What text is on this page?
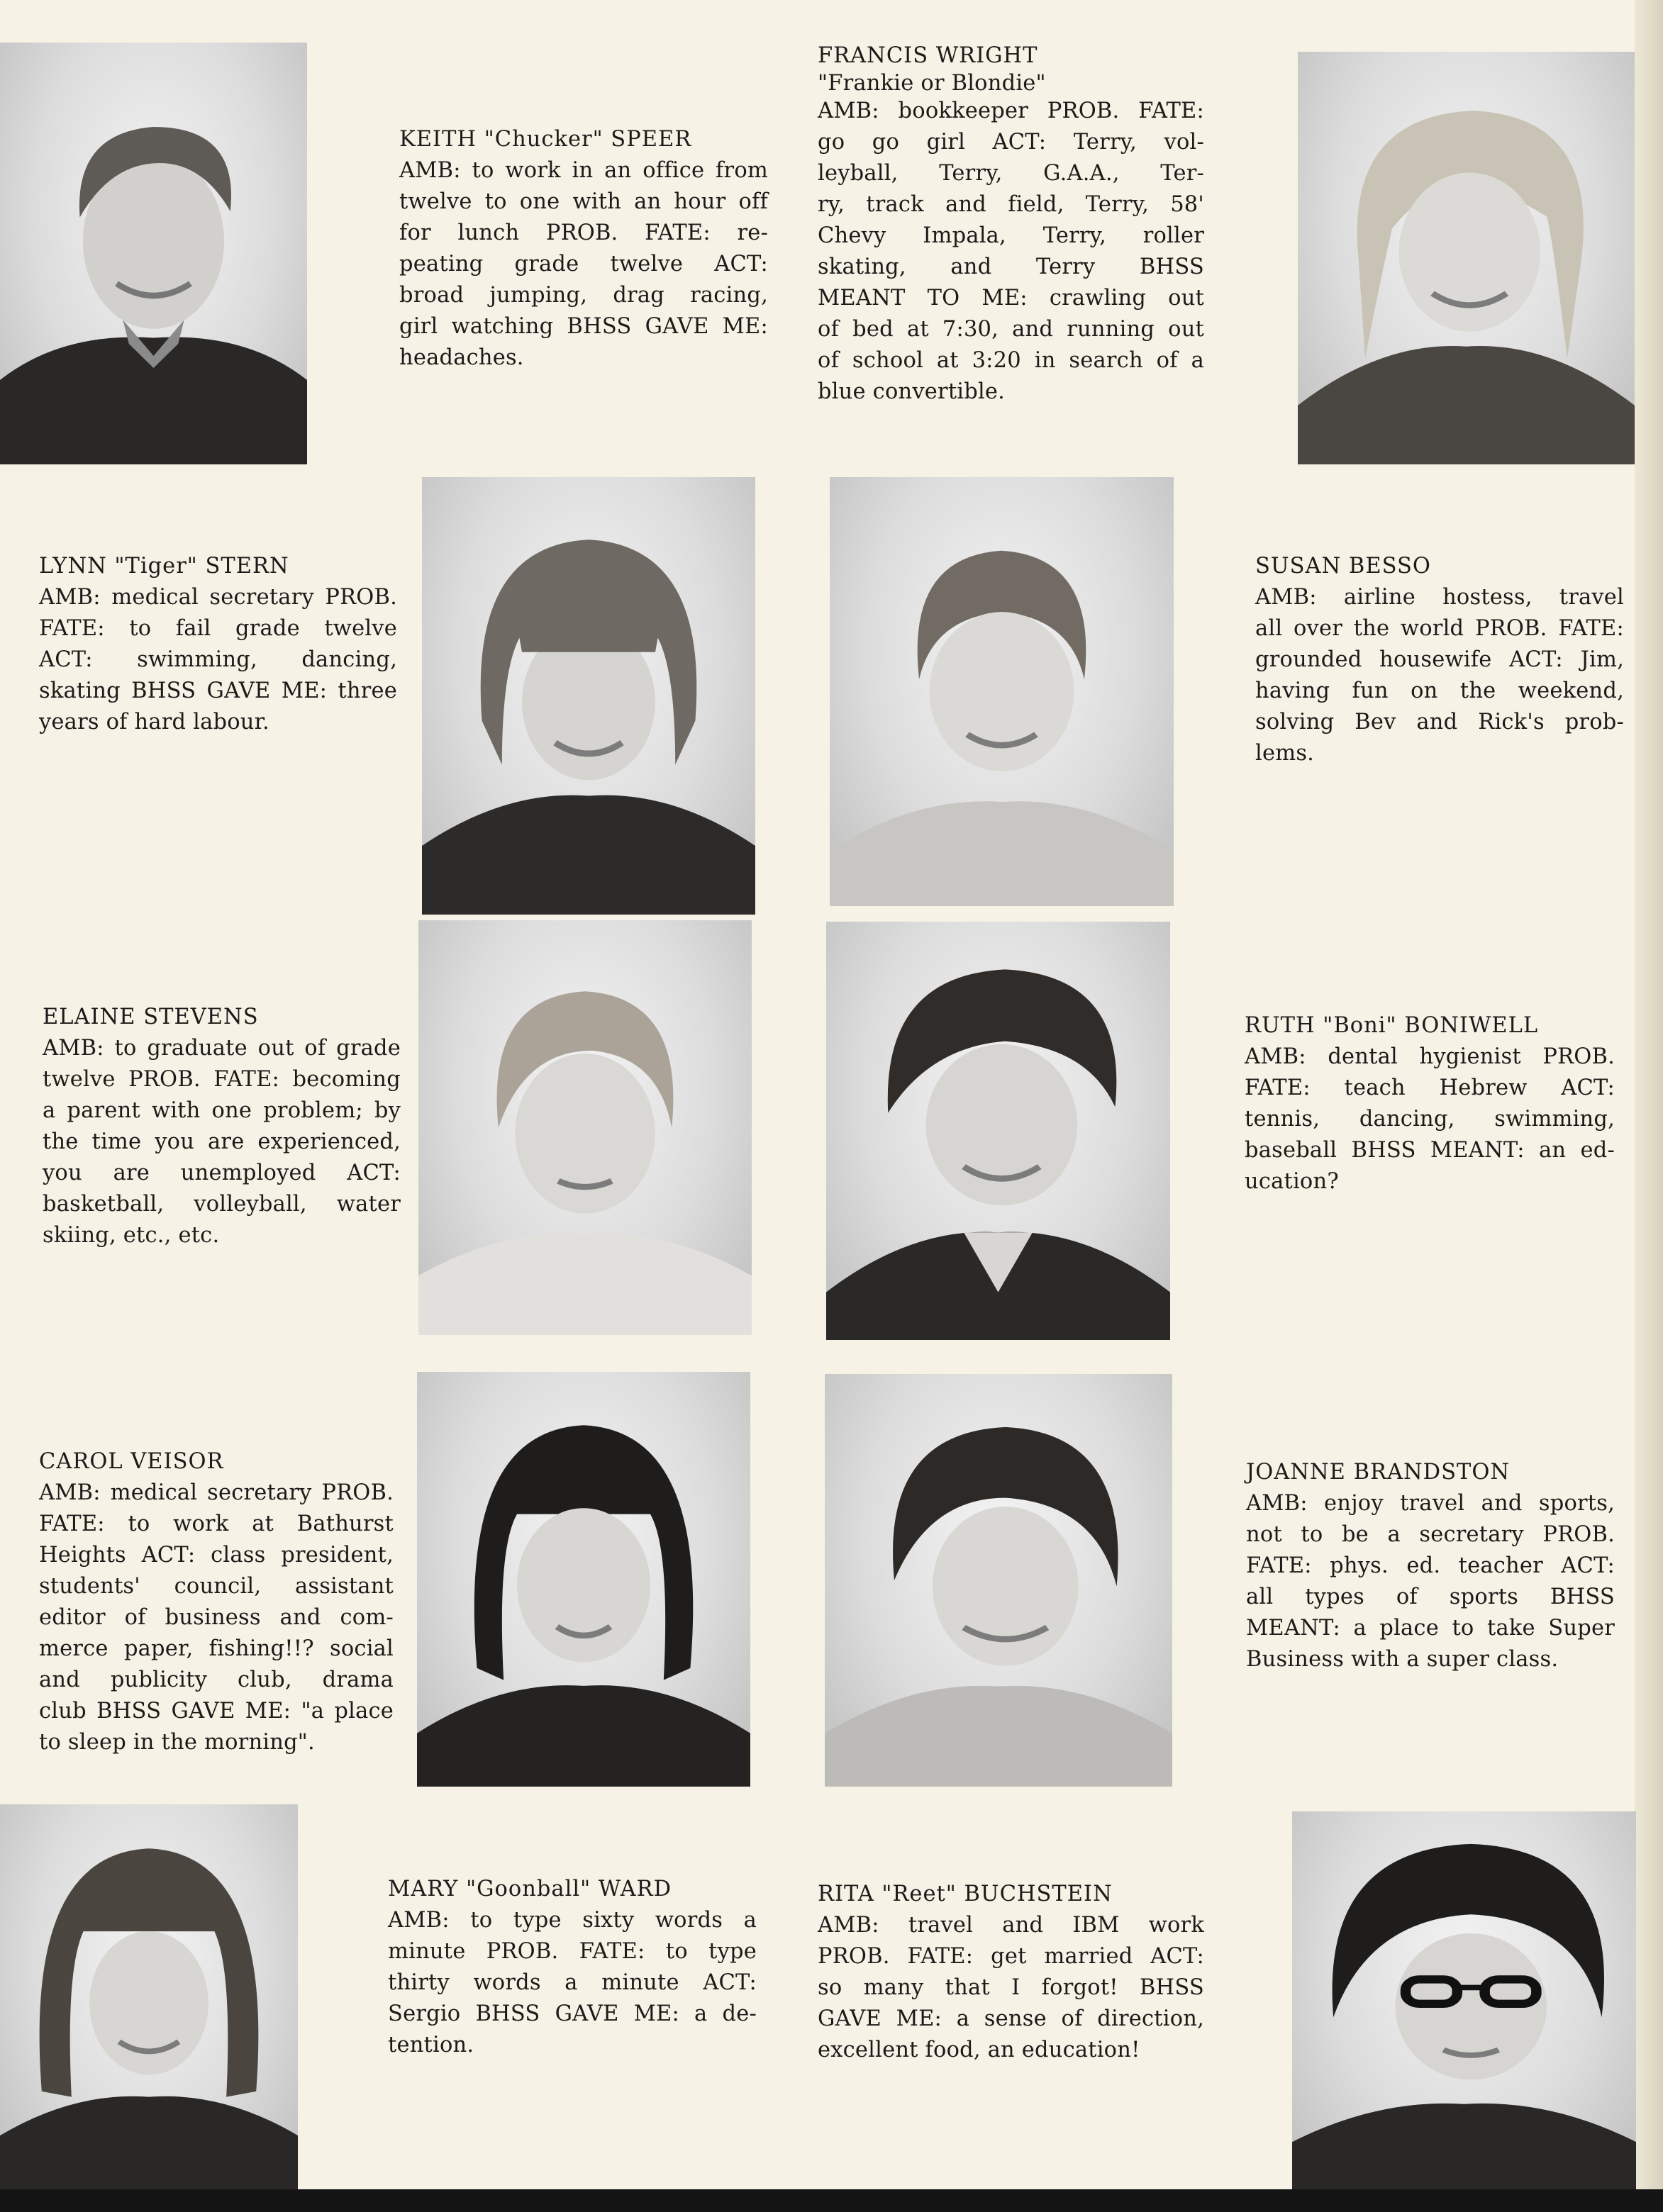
KEITH "Chucker" SPEER
AMB: to work in an office from
twelve to one with an hour off
for lunch PROB. FATE: re-
peating grade twelve ACT:
broad jumping, drag racing,
girl watching BHSS GAVE ME:
headaches.
FRANCIS WRIGHT
"Frankie or Blondie"
AMB: bookkeeper PROB. FATE:
go go girl ACT: Terry, vol-
leyball, Terry, G.A.A., Ter-
ry, track and field, Terry, 58'
Chevy Impala, Terry, roller
skating, and Terry BHSS
MEANT TO ME: crawling out
of bed at 7:30, and running out
of school at 3:20 in search of a
blue convertible.
LYNN "Tiger" STERN
AMB: medical secretary PROB.
FATE: to fail grade twelve
ACT: swimming, dancing,
skating BHSS GAVE ME: three
years of hard labour.
SUSAN BESSO
AMB: airline hostess, travel
all over the world PROB. FATE:
grounded housewife ACT: Jim,
having fun on the weekend,
solving Bev and Rick's prob-
lems.
ELAINE STEVENS
AMB: to graduate out of grade
twelve PROB. FATE: becoming
a parent with one problem; by
the time you are experienced,
you are unemployed ACT:
basketball, volleyball, water
skiing, etc., etc.
RUTH "Boni" BONIWELL
AMB: dental hygienist PROB.
FATE: teach Hebrew ACT:
tennis, dancing, swimming,
baseball BHSS MEANT: an ed-
ucation?
CAROL VEISOR
AMB: medical secretary PROB.
FATE: to work at Bathurst
Heights ACT: class president,
students' council, assistant
editor of business and com-
merce paper, fishing!!? social
and publicity club, drama
club BHSS GAVE ME: "a place
to sleep in the morning".
JOANNE BRANDSTON
AMB: enjoy travel and sports,
not to be a secretary PROB.
FATE: phys. ed. teacher ACT:
all types of sports BHSS
MEANT: a place to take Super
Business with a super class.
MARY "Goonball" WARD
AMB: to type sixty words a
minute PROB. FATE: to type
thirty words a minute ACT:
Sergio BHSS GAVE ME: a de-
tention.
RITA "Reet" BUCHSTEIN
AMB: travel and IBM work
PROB. FATE: get married ACT:
so many that I forgot! BHSS
GAVE ME: a sense of direction,
excellent food, an education!
